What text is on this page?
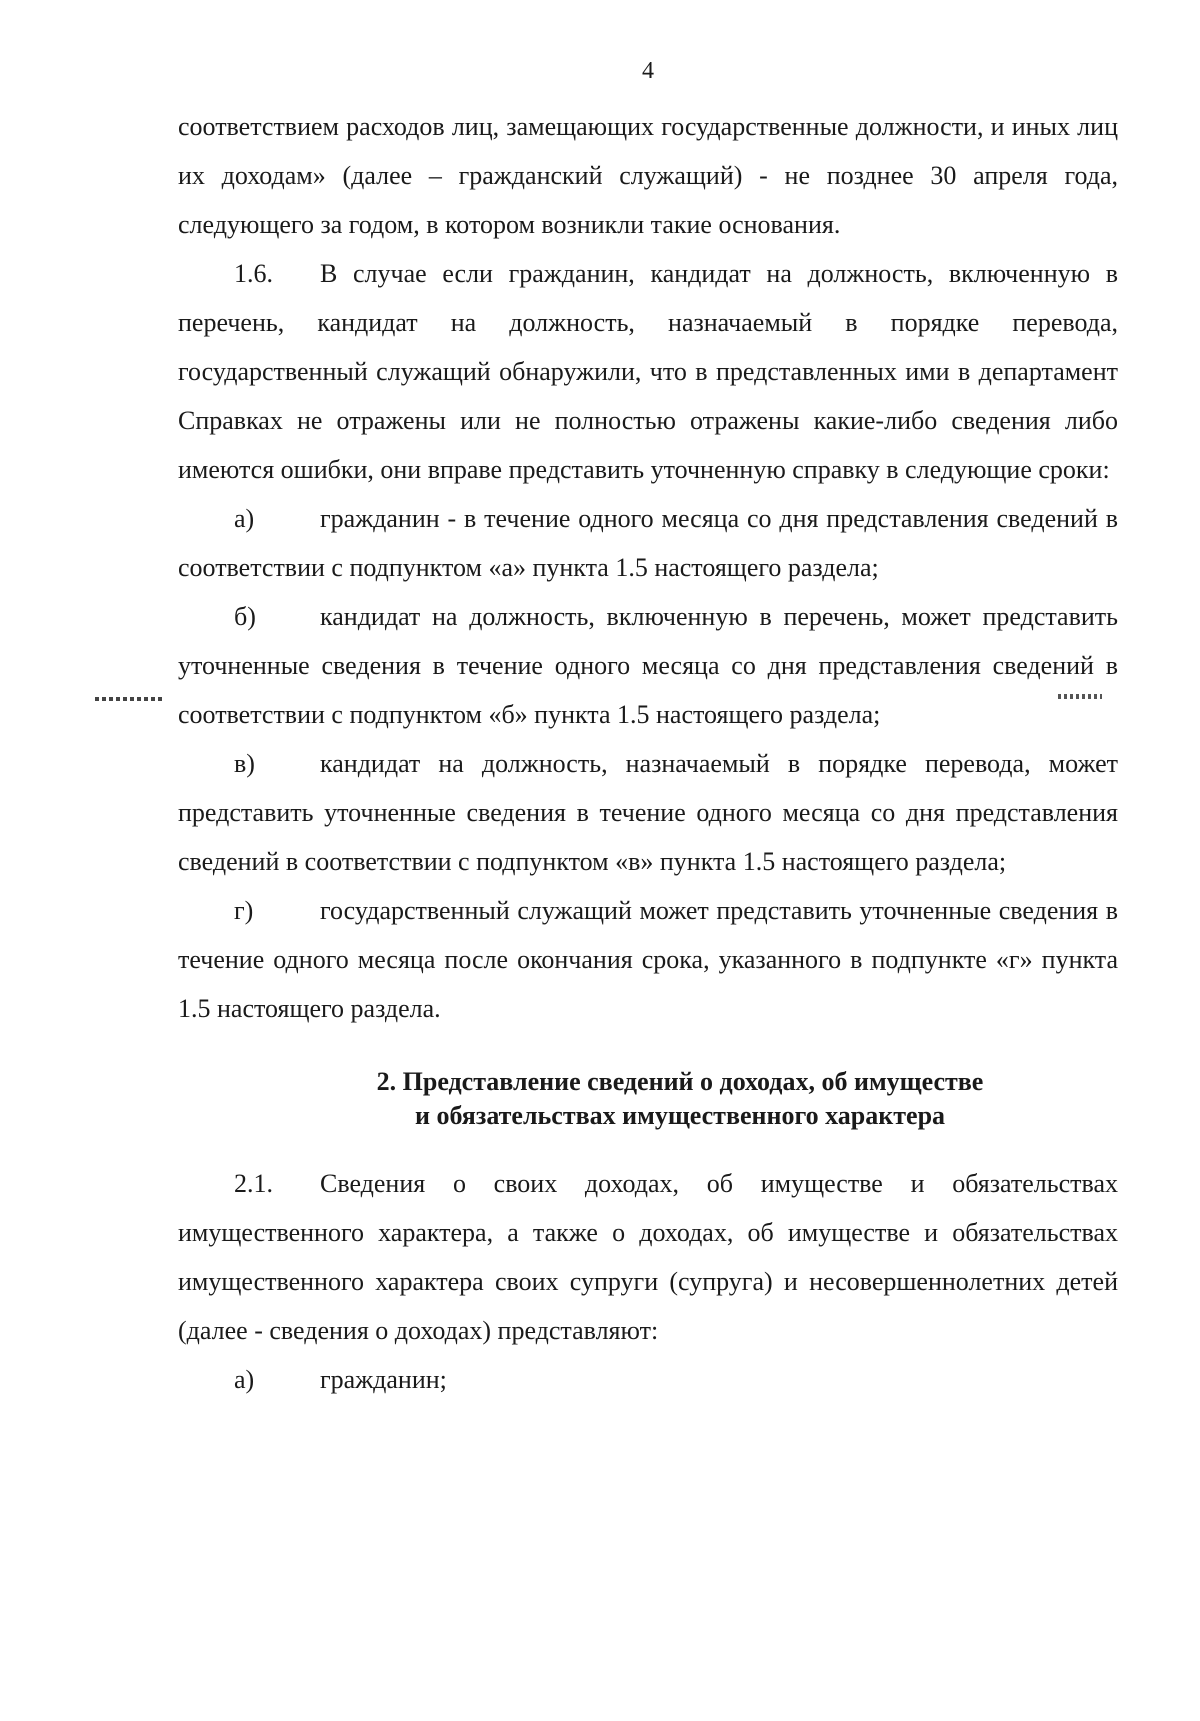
4

соответствием расходов лиц, замещающих государственные должности, и иных лиц их доходам» (далее – гражданский служащий) - не позднее 30 апреля года, следующего за годом, в котором возникли такие основания.

1.6. В случае если гражданин, кандидат на должность, включенную в перечень, кандидат на должность, назначаемый в порядке перевода, государственный служащий обнаружили, что в представленных ими в департамент Справках не отражены или не полностью отражены какие-либо сведения либо имеются ошибки, они вправе представить уточненную справку в следующие сроки:

а)	гражданин - в течение одного месяца со дня представления сведений в соответствии с подпунктом «а» пункта 1.5 настоящего раздела;

б) кандидат на должность, включенную в перечень, может представить уточненные сведения в течение одного месяца со дня представления сведений в соответствии с подпунктом «б» пункта 1.5 настоящего раздела;

в)	кандидат на должность, назначаемый в порядке перевода, может представить уточненные сведения в течение одного месяца со дня представления сведений в соответствии с подпунктом «в» пункта 1.5 настоящего раздела;

г)	государственный служащий может представить уточненные сведения в течение одного месяца после окончания срока, указанного в подпункте «г» пункта 1.5 настоящего раздела.

2. Представление сведений о доходах, об имуществе
и обязательствах имущественного характера

2.1. Сведения о своих доходах, об имуществе и обязательствах имущественного характера, а также о доходах, об имуществе и обязательствах имущественного характера своих супруги (супруга) и несовершеннолетних детей (далее - сведения о доходах) представляют:

а)	гражданин;
